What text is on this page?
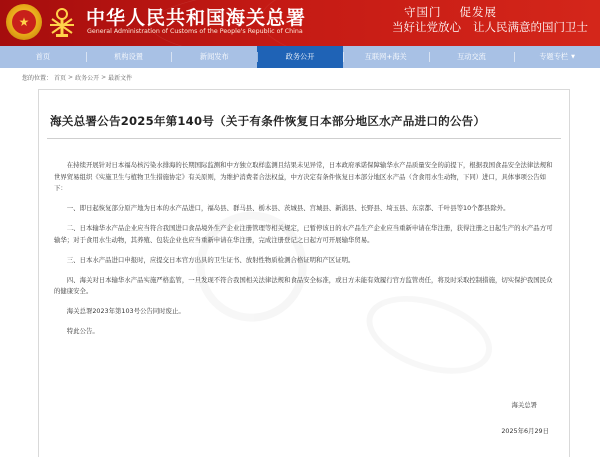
★	中华人民共和国海关总署
General Administration of Customs of the People's Republic of China
守国门 促发展
当好让党放心 让人民满意的国门卫士
首页	机构设置	新闻发布	政务公开	互联网+海关	互动交流	专题专栏 ▼
您的位置： 首页 > 政务公开 > 最新文件
海关总署公告2025年第140号（关于有条件恢复日本部分地区水产品进口的公告）

在持续开展针对日本福岛核污染水排海的长期国际监测和中方独立取样监测且结果未见异常，日本政府承诺保障输华水产品质量安全的前提下，根据我国食品安全法律法规和世界贸易组织《实施卫生与植物卫生措施协定》有关原则，为维护消费者合法权益，中方决定有条件恢复日本部分地区水产品（含食用水生动物，下同）进口，具体事项公告如下：

一、即日起恢复部分原产地为日本的水产品进口，福岛县、群马县、栃木县、茨城县、宫城县、新潟县、长野县、埼玉县、东京都、千叶县等10个都县除外。

二、日本输华水产品企业应当符合我国进口食品境外生产企业注册管理等相关规定，已暂停该日的水产品生产企业应当重新申请在华注册，获得注册之日起生产的水产品方可输华；对于食用水生动物，其养殖、包装企业也应当重新申请在华注册，完成注册登记之日起方可开展输华贸易。

三、日本水产品进口申报时，应提交日本官方出具的卫生证书、放射性物质检测合格证明和产区证明。

四、海关对日本输华水产品实施严格监管，一旦发现不符合我国相关法律法规和食品安全标准，或日方未能有效履行官方监管责任，将及时采取控制措施，切实保护我国民众的健康安全。

海关总署2023年第103号公告同时废止。

特此公告。

海关总署
2025年6月29日
